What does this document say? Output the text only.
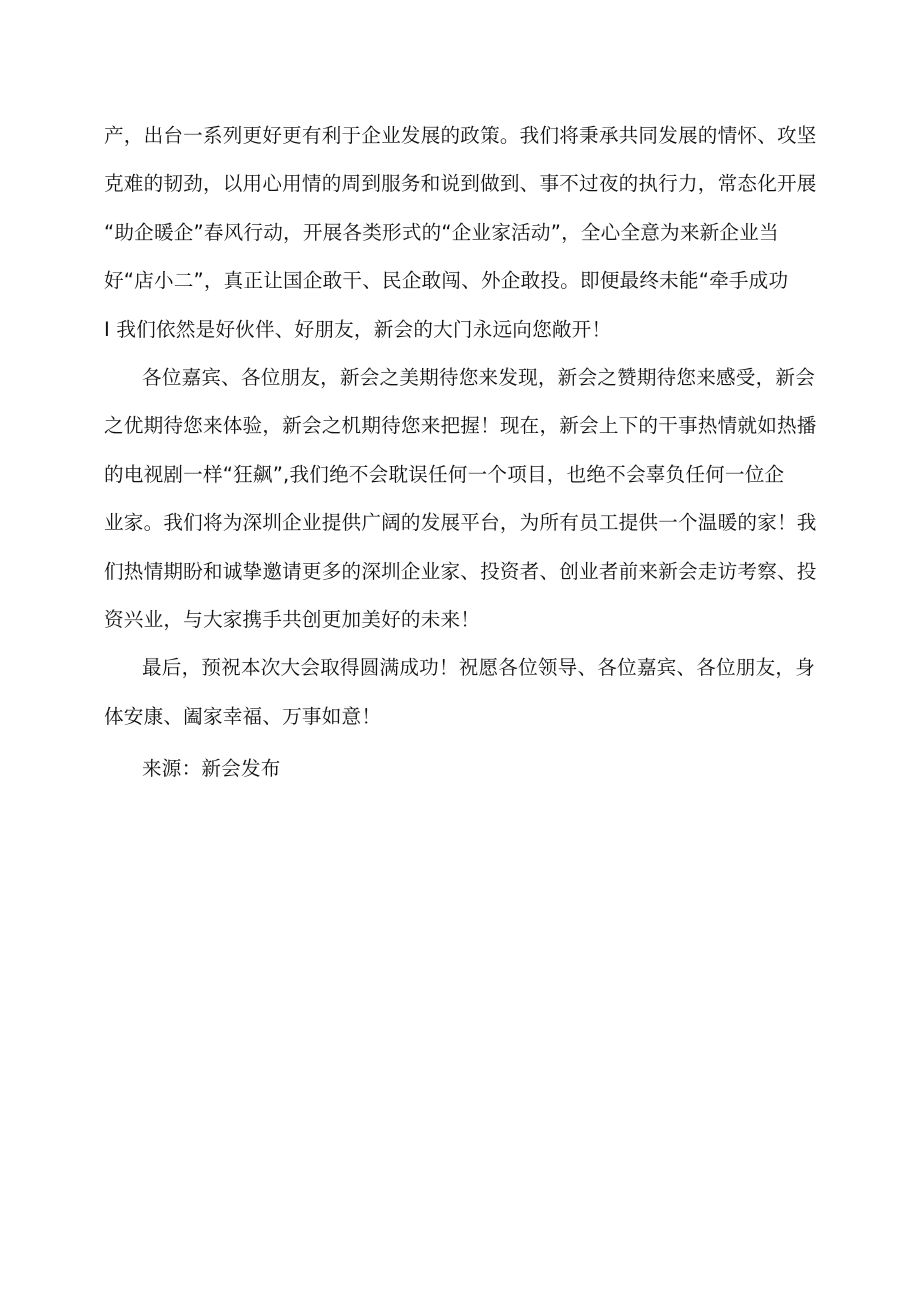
产，出台一系列更好更有利于企业发展的政策。我们将秉承共同发展的情怀、攻坚
克难的韧劲，以用心用情的周到服务和说到做到、事不过夜的执行力，常态化开展
“助企暖企”春风行动，开展各类形式的“企业家活动”，全心全意为来新企业当
好“店小二”，真正让国企敢干、民企敢闯、外企敢投。即便最终未能“牵手成功
I 我们依然是好伙伴、好朋友，新会的大门永远向您敞开！
各位嘉宾、各位朋友，新会之美期待您来发现，新会之赞期待您来感受，新会
之优期待您来体验，新会之机期待您来把握！现在，新会上下的干事热情就如热播
的电视剧一样“狂飙”,我们绝不会耽误任何一个项目，也绝不会辜负任何一位企
业家。我们将为深圳企业提供广阔的发展平台，为所有员工提供一个温暖的家！我
们热情期盼和诚挚邀请更多的深圳企业家、投资者、创业者前来新会走访考察、投
资兴业，与大家携手共创更加美好的未来！
最后，预祝本次大会取得圆满成功！祝愿各位领导、各位嘉宾、各位朋友，身
体安康、阖家幸福、万事如意！
来源：新会发布
